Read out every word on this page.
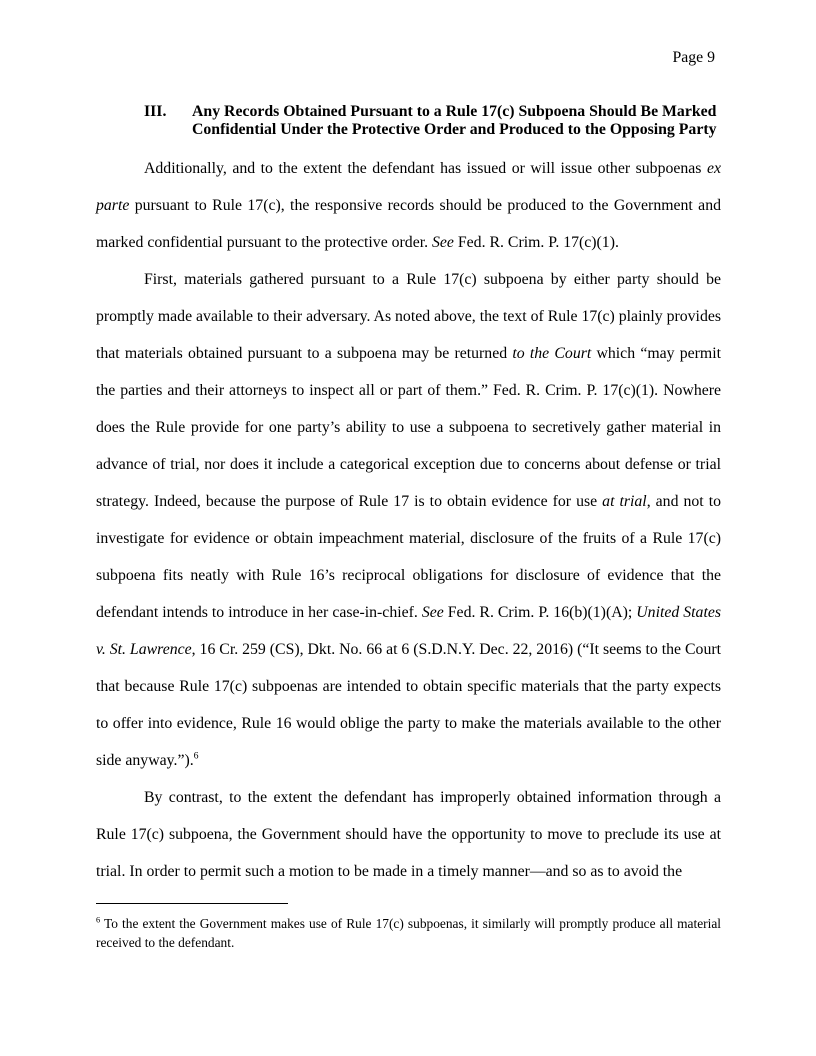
Page 9
III.	Any Records Obtained Pursuant to a Rule 17(c) Subpoena Should Be Marked Confidential Under the Protective Order and Produced to the Opposing Party

Additionally, and to the extent the defendant has issued or will issue other subpoenas ex parte pursuant to Rule 17(c), the responsive records should be produced to the Government and marked confidential pursuant to the protective order. See Fed. R. Crim. P. 17(c)(1).

First, materials gathered pursuant to a Rule 17(c) subpoena by either party should be promptly made available to their adversary. As noted above, the text of Rule 17(c) plainly provides that materials obtained pursuant to a subpoena may be returned to the Court which “may permit the parties and their attorneys to inspect all or part of them.” Fed. R. Crim. P. 17(c)(1). Nowhere does the Rule provide for one party’s ability to use a subpoena to secretively gather material in advance of trial, nor does it include a categorical exception due to concerns about defense or trial strategy. Indeed, because the purpose of Rule 17 is to obtain evidence for use at trial, and not to investigate for evidence or obtain impeachment material, disclosure of the fruits of a Rule 17(c) subpoena fits neatly with Rule 16’s reciprocal obligations for disclosure of evidence that the defendant intends to introduce in her case-in-chief. See Fed. R. Crim. P. 16(b)(1)(A); United States v. St. Lawrence, 16 Cr. 259 (CS), Dkt. No. 66 at 6 (S.D.N.Y. Dec. 22, 2016) (“It seems to the Court that because Rule 17(c) subpoenas are intended to obtain specific materials that the party expects to offer into evidence, Rule 16 would oblige the party to make the materials available to the other side anyway.”).$^6$

By contrast, to the extent the defendant has improperly obtained information through a Rule 17(c) subpoena, the Government should have the opportunity to move to preclude its use at trial. In order to permit such a motion to be made in a timely manner—and so as to avoid the

$^6$ To the extent the Government makes use of Rule 17(c) subpoenas, it similarly will promptly produce all material received to the defendant.
